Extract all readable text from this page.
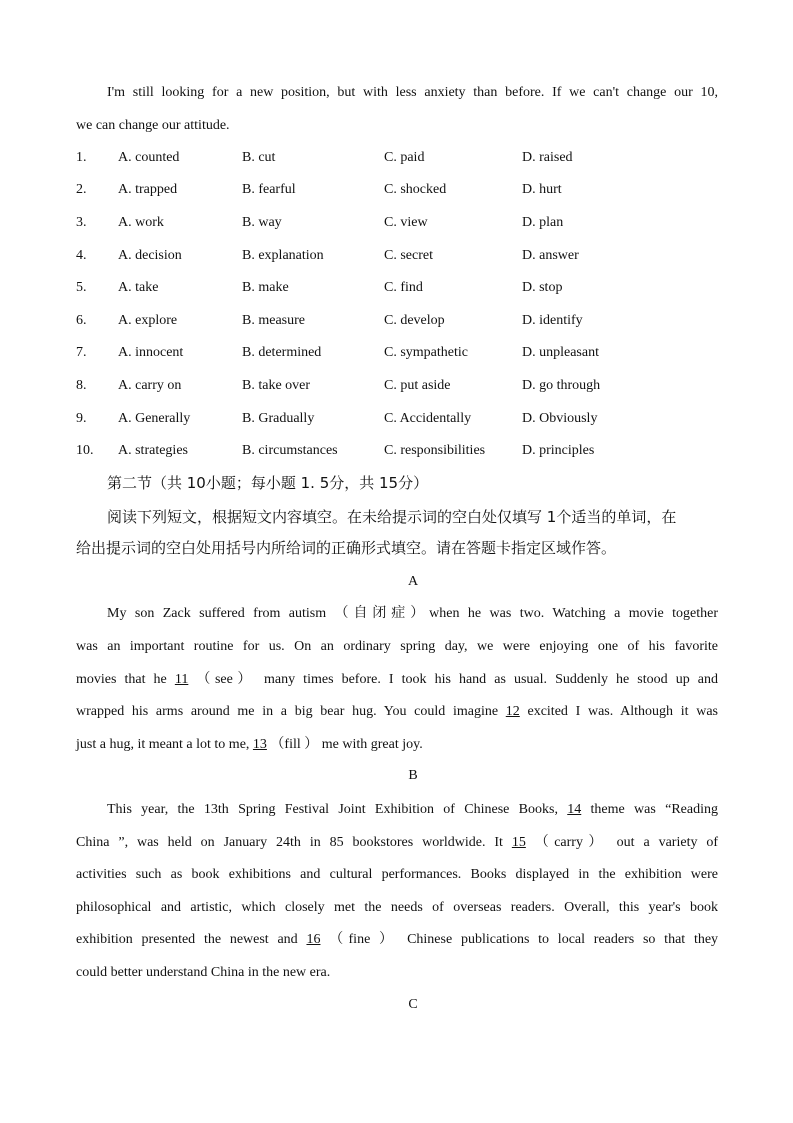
I'm still looking for a new position, but with less anxiety than before. If we can't change our 10,
we can change our attitude.
1. A. counted	B. cut	C. paid	D. raised
2. A. trapped	B. fearful	C. shocked	D. hurt
3. A. work	B. way	C. view	D. plan
4. A. decision	B. explanation	C. secret	D. answer
5. A. take	B. make	C. find	D. stop
6. A. explore	B. measure	C. develop	D. identify
7. A. innocent	B. determined	C. sympathetic	D. unpleasant
8. A. carry on	B. take over	C. put aside	D. go through
9. A. Generally	B. Gradually	C. Accidentally	D. Obviously
10. A. strategies	B. circumstances	C. responsibilities	D. principles
第二节（共 10小题；每小题 1. 5分，共 15分）
阅读下列短文，根据短文内容填空。在未给提示词的空白处仅填写 1个适当的单词，在
给出提示词的空白处用括号内所给词的正确形式填空。请在答题卡指定区域作答。
A
My son Zack suffered from autism （自闭症）when he was two. Watching a movie together
was an important routine for us. On an ordinary spring day, we were enjoying one of his favorite
movies that he 11 （see） many times before. I took his hand as usual. Suddenly he stood up and
wrapped his arms around me in a big bear hug. You could imagine 12 excited I was. Although it was
just a hug, it meant a lot to me, 13 （fill ） me with great joy.
B
This year, the 13th Spring Festival Joint Exhibition of Chinese Books, 14 theme was “Reading
China ”, was held on January 24th in 85 bookstores worldwide. It 15 （carry） out a variety of
activities such as book exhibitions and cultural performances. Books displayed in the exhibition were
philosophical and artistic, which closely met the needs of overseas readers. Overall, this year's book
exhibition presented the newest and 16 （fine ） Chinese publications to local readers so that they
could better understand China in the new era.
C
